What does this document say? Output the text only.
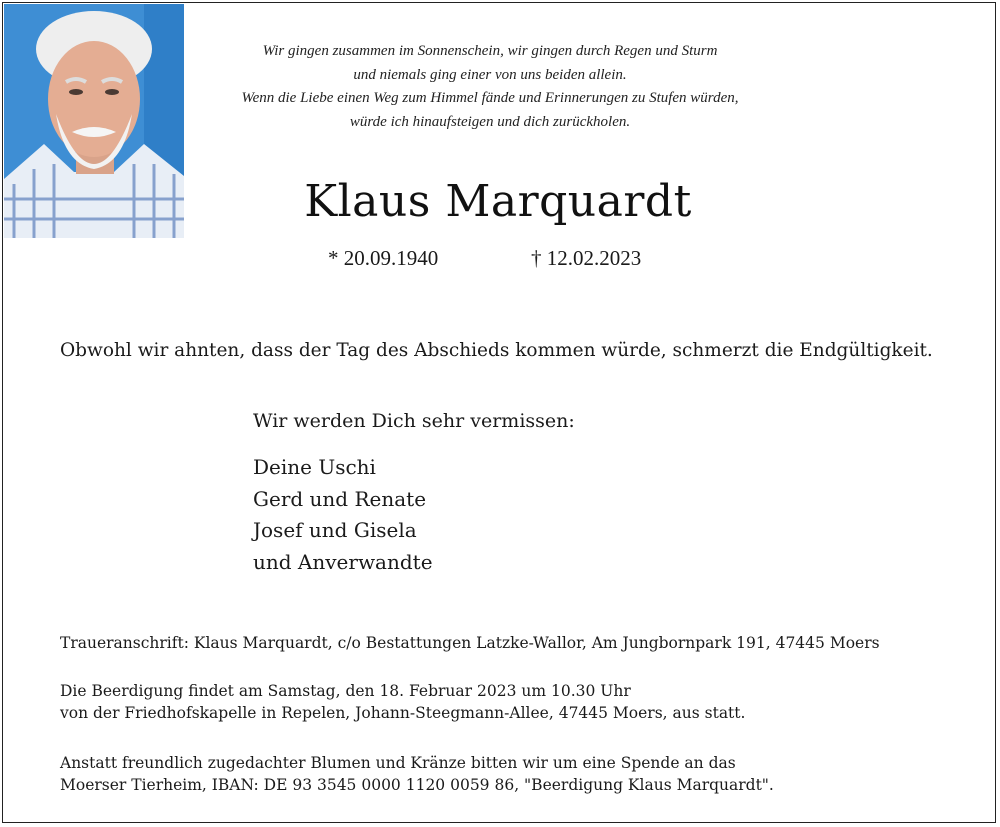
Wir gingen zusammen im Sonnenschein, wir gingen durch Regen und Sturm
und niemals ging einer von uns beiden allein.
Wenn die Liebe einen Weg zum Himmel fände und Erinnerungen zu Stufen würden,
würde ich hinaufsteigen und dich zurückholen.
Klaus Marquardt
* 20.09.1940	† 12.02.2023
Obwohl wir ahnten, dass der Tag des Abschieds kommen würde, schmerzt die Endgültigkeit.
Wir werden Dich sehr vermissen:
Deine Uschi
Gerd und Renate
Josef und Gisela
und Anverwandte
Traueranschrift: Klaus Marquardt, c/o Bestattungen Latzke-Wallor, Am Jungbornpark 191, 47445 Moers
Die Beerdigung findet am Samstag, den 18. Februar 2023 um 10.30 Uhr
von der Friedhofskapelle in Repelen, Johann-Steegmann-Allee, 47445 Moers, aus statt.
Anstatt freundlich zugedachter Blumen und Kränze bitten wir um eine Spende an das
Moerser Tierheim, IBAN: DE 93 3545 0000 1120 0059 86, "Beerdigung Klaus Marquardt".
